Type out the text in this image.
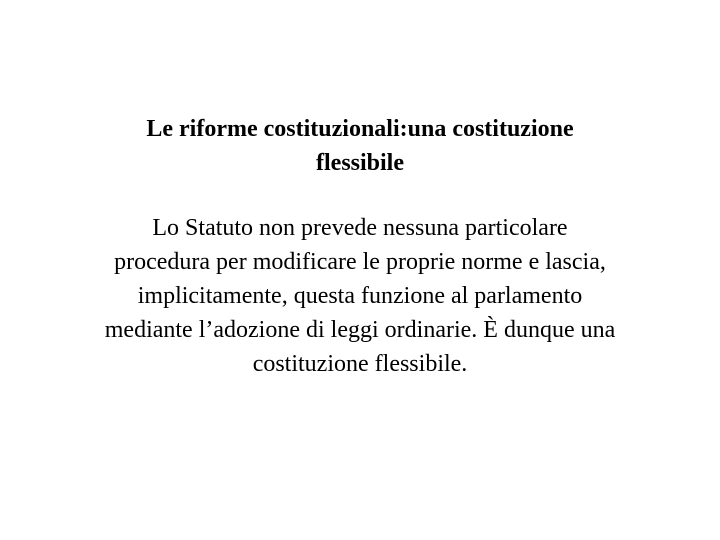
Le riforme costituzionali:una costituzione
flessibile

Lo Statuto non prevede nessuna particolare
procedura per modificare le proprie norme e lascia,
implicitamente, questa funzione al parlamento
mediante l’adozione di leggi ordinarie. È dunque una
costituzione flessibile.
